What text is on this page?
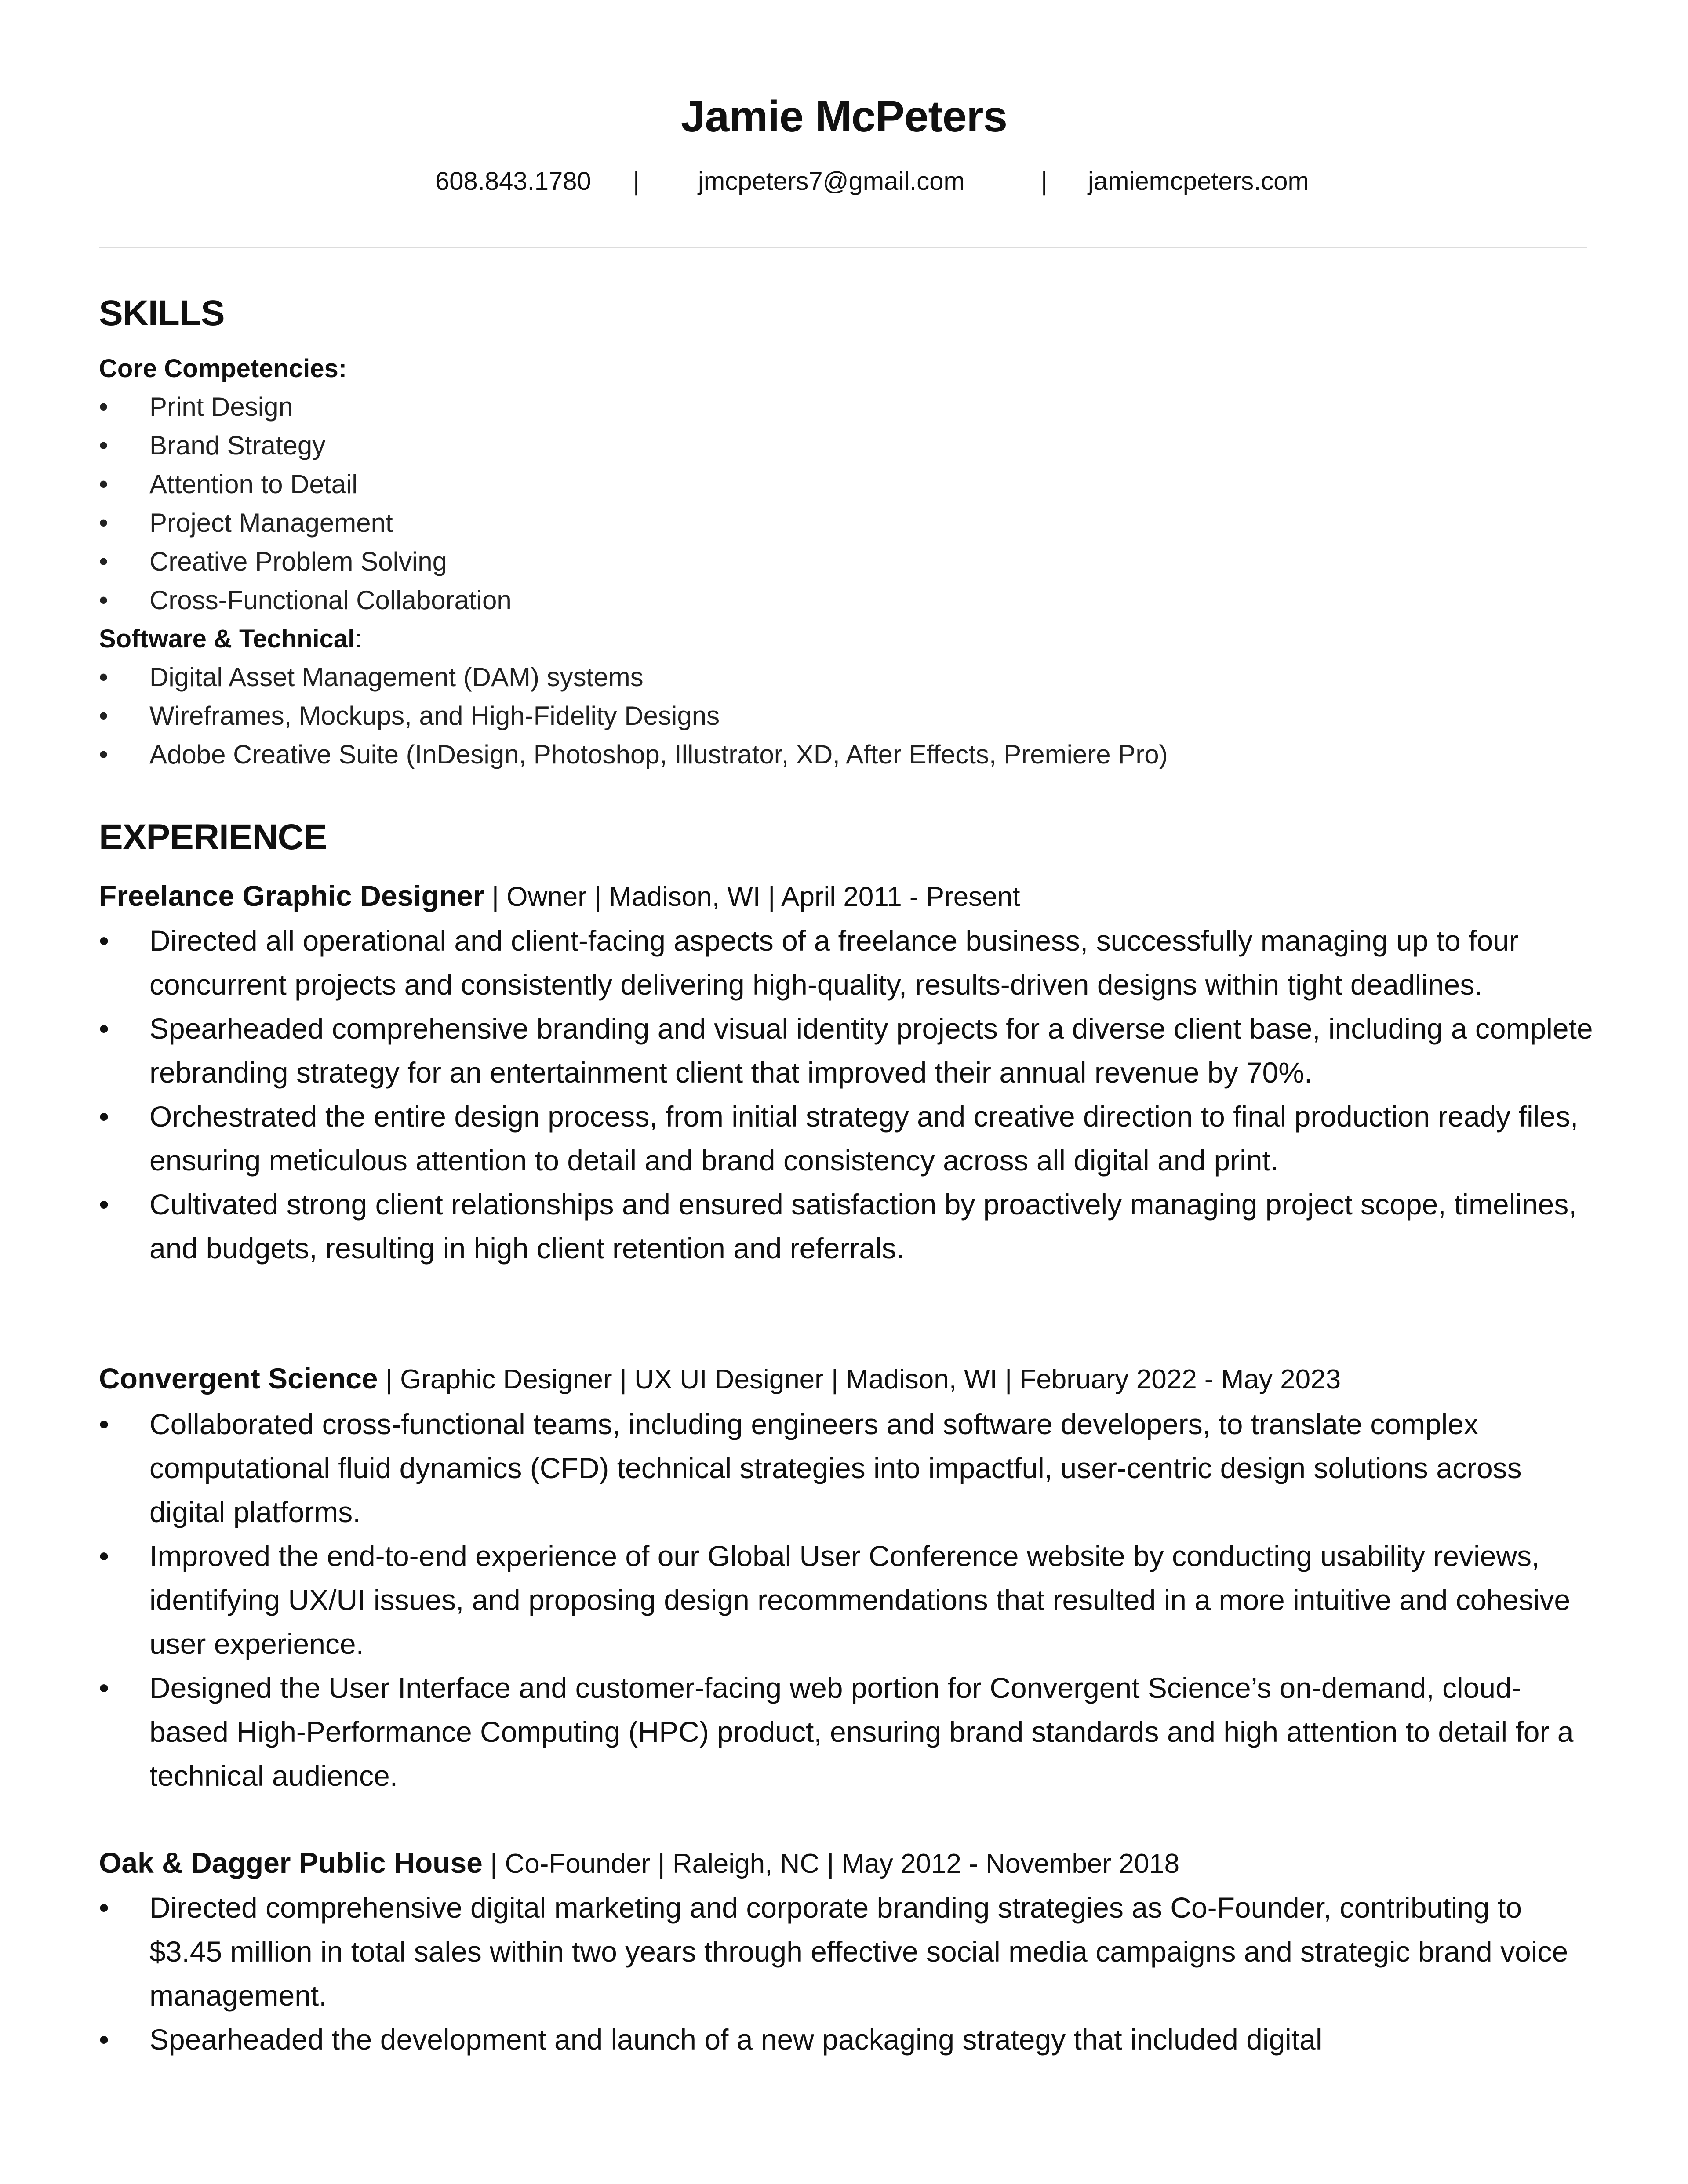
Jamie McPeters
608.843.1780 | jmcpeters7@gmail.com	| jamiemcpeters.com
SKILLS
Core Competencies:
• Print Design
• Brand Strategy
• Attention to Detail
• Project Management
• Creative Problem Solving
• Cross-Functional Collaboration
Software & Technical:
• Digital Asset Management (DAM) systems
• Wireframes, Mockups, and High-Fidelity Designs
• Adobe Creative Suite (InDesign, Photoshop, Illustrator, XD, After Effects, Premiere Pro)
EXPERIENCE
Freelance Graphic Designer | Owner | Madison, WI | April 2011 - Present
• Directed all operational and client-facing aspects of a freelance business, successfully managing up to four concurrent projects and consistently delivering high-quality, results-driven designs within tight deadlines.
• Spearheaded comprehensive branding and visual identity projects for a diverse client base, including a complete rebranding strategy for an entertainment client that improved their annual revenue by 70%.
• Orchestrated the entire design process, from initial strategy and creative direction to final production ready files, ensuring meticulous attention to detail and brand consistency across all digital and print.
• Cultivated strong client relationships and ensured satisfaction by proactively managing project scope, timelines, and budgets, resulting in high client retention and referrals.
Convergent Science | Graphic Designer | UX UI Designer | Madison, WI | February 2022 - May 2023
• Collaborated cross-functional teams, including engineers and software developers, to translate complex computational fluid dynamics (CFD) technical strategies into impactful, user-centric design solutions across digital platforms.
• Improved the end-to-end experience of our Global User Conference website by conducting usability reviews, identifying UX/UI issues, and proposing design recommendations that resulted in a more intuitive and cohesive user experience.
• Designed the User Interface and customer-facing web portion for Convergent Science’s on-demand, cloud-based High-Performance Computing (HPC) product, ensuring brand standards and high attention to detail for a technical audience.
Oak & Dagger Public House | Co-Founder | Raleigh, NC | May 2012 - November 2018
• Directed comprehensive digital marketing and corporate branding strategies as Co-Founder, contributing to $3.45 million in total sales within two years through effective social media campaigns and strategic brand voice management.
• Spearheaded the development and launch of a new packaging strategy that included digital
